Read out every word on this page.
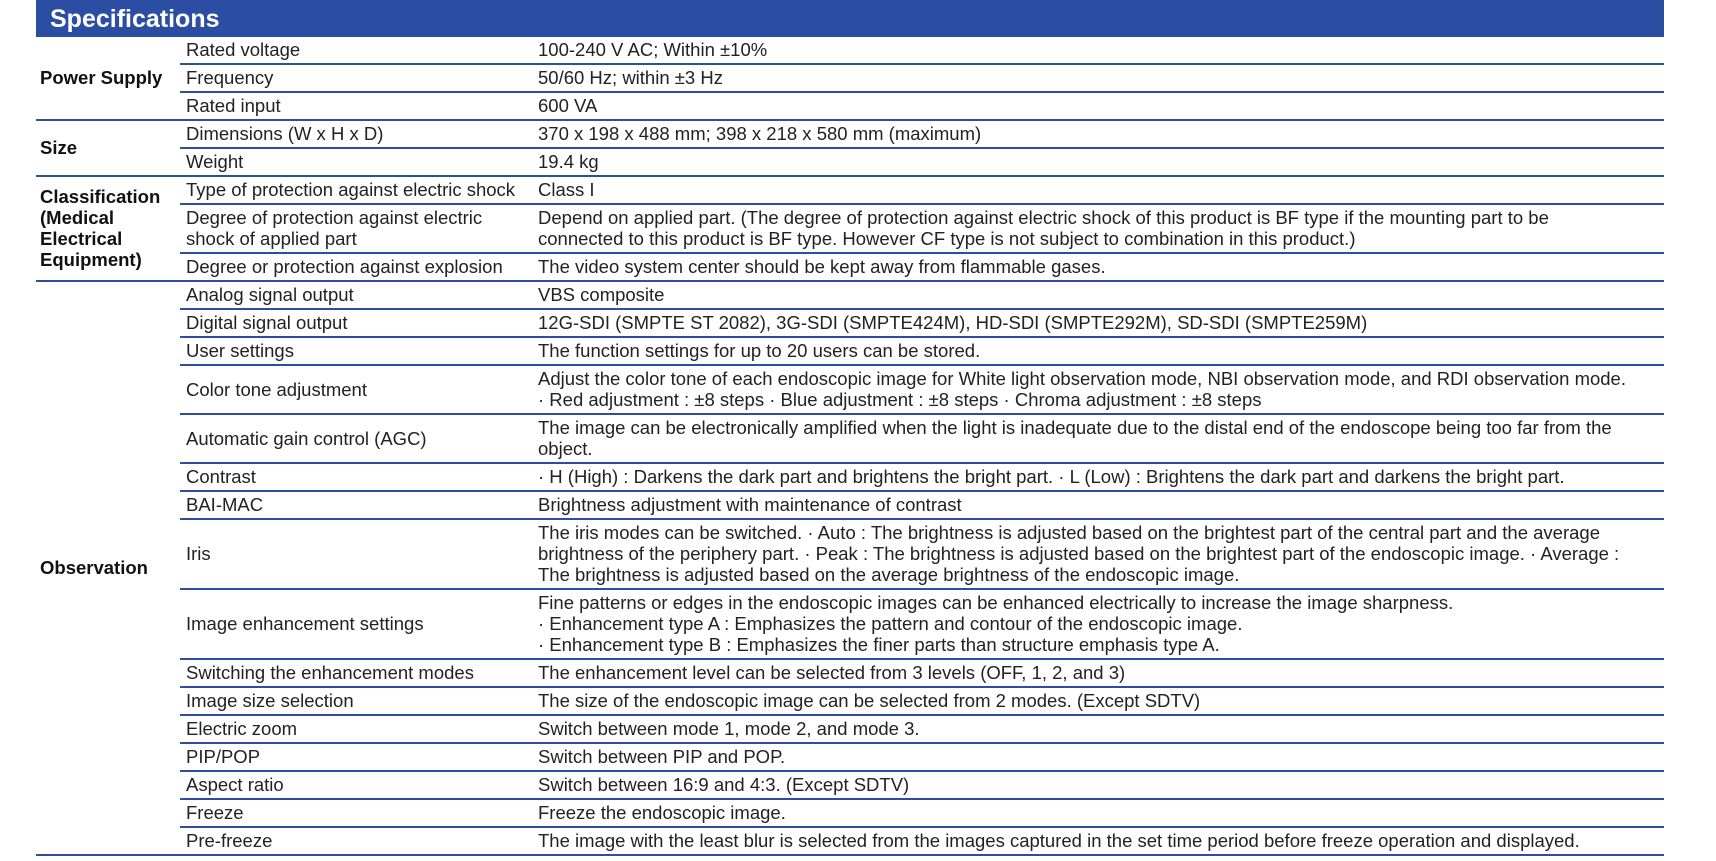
Specifications
Power Supply	Rated voltage	100-240 V AC; Within ±10%

	Frequency	50/60 Hz; within ±3 Hz

	Rated input	600 VA

Size	Dimensions (W x H x D)	370 x 198 x 488 mm; 398 x 218 x 580 mm (maximum)

	Weight	19.4 kg

Classification
(Medical
Electrical
Equipment)	Type of protection against electric shock	Class I

	Degree of protection against electric
shock of applied part	Depend on applied part. (The degree of protection against electric shock of this product is BF type if the mounting part to be
connected to this product is BF type. However CF type is not subject to combination in this product.)

	Degree or protection against explosion	The video system center should be kept away from flammable gases.

Observation	Analog signal output	VBS composite

	Digital signal output	12G-SDI (SMPTE ST 2082), 3G-SDI (SMPTE424M), HD-SDI (SMPTE292M), SD-SDI (SMPTE259M)

	User settings	The function settings for up to 20 users can be stored.

	Color tone adjustment	Adjust the color tone of each endoscopic image for White light observation mode, NBI observation mode, and RDI observation mode.
· Red adjustment : ±8 steps · Blue adjustment : ±8 steps · Chroma adjustment : ±8 steps

	Automatic gain control (AGC)	The image can be electronically amplified when the light is inadequate due to the distal end of the endoscope being too far from the object.

	Contrast	· H (High) : Darkens the dark part and brightens the bright part. · L (Low) : Brightens the dark part and darkens the bright part.

	BAI-MAC	Brightness adjustment with maintenance of contrast

	Iris	The iris modes can be switched. · Auto : The brightness is adjusted based on the brightest part of the central part and the average
brightness of the periphery part. · Peak : The brightness is adjusted based on the brightest part of the endoscopic image. · Average :
The brightness is adjusted based on the average brightness of the endoscopic image.

	Image enhancement settings	Fine patterns or edges in the endoscopic images can be enhanced electrically to increase the image sharpness.
· Enhancement type A : Emphasizes the pattern and contour of the endoscopic image.
· Enhancement type B : Emphasizes the finer parts than structure emphasis type A.

	Switching the enhancement modes	The enhancement level can be selected from 3 levels (OFF, 1, 2, and 3)

	Image size selection	The size of the endoscopic image can be selected from 2 modes. (Except SDTV)

	Electric zoom	Switch between mode 1, mode 2, and mode 3.

	PIP/POP	Switch between PIP and POP.

	Aspect ratio	Switch between 16:9 and 4:3. (Except SDTV)

	Freeze	Freeze the endoscopic image.

	Pre-freeze	The image with the least blur is selected from the images captured in the set time period before freeze operation and displayed.
